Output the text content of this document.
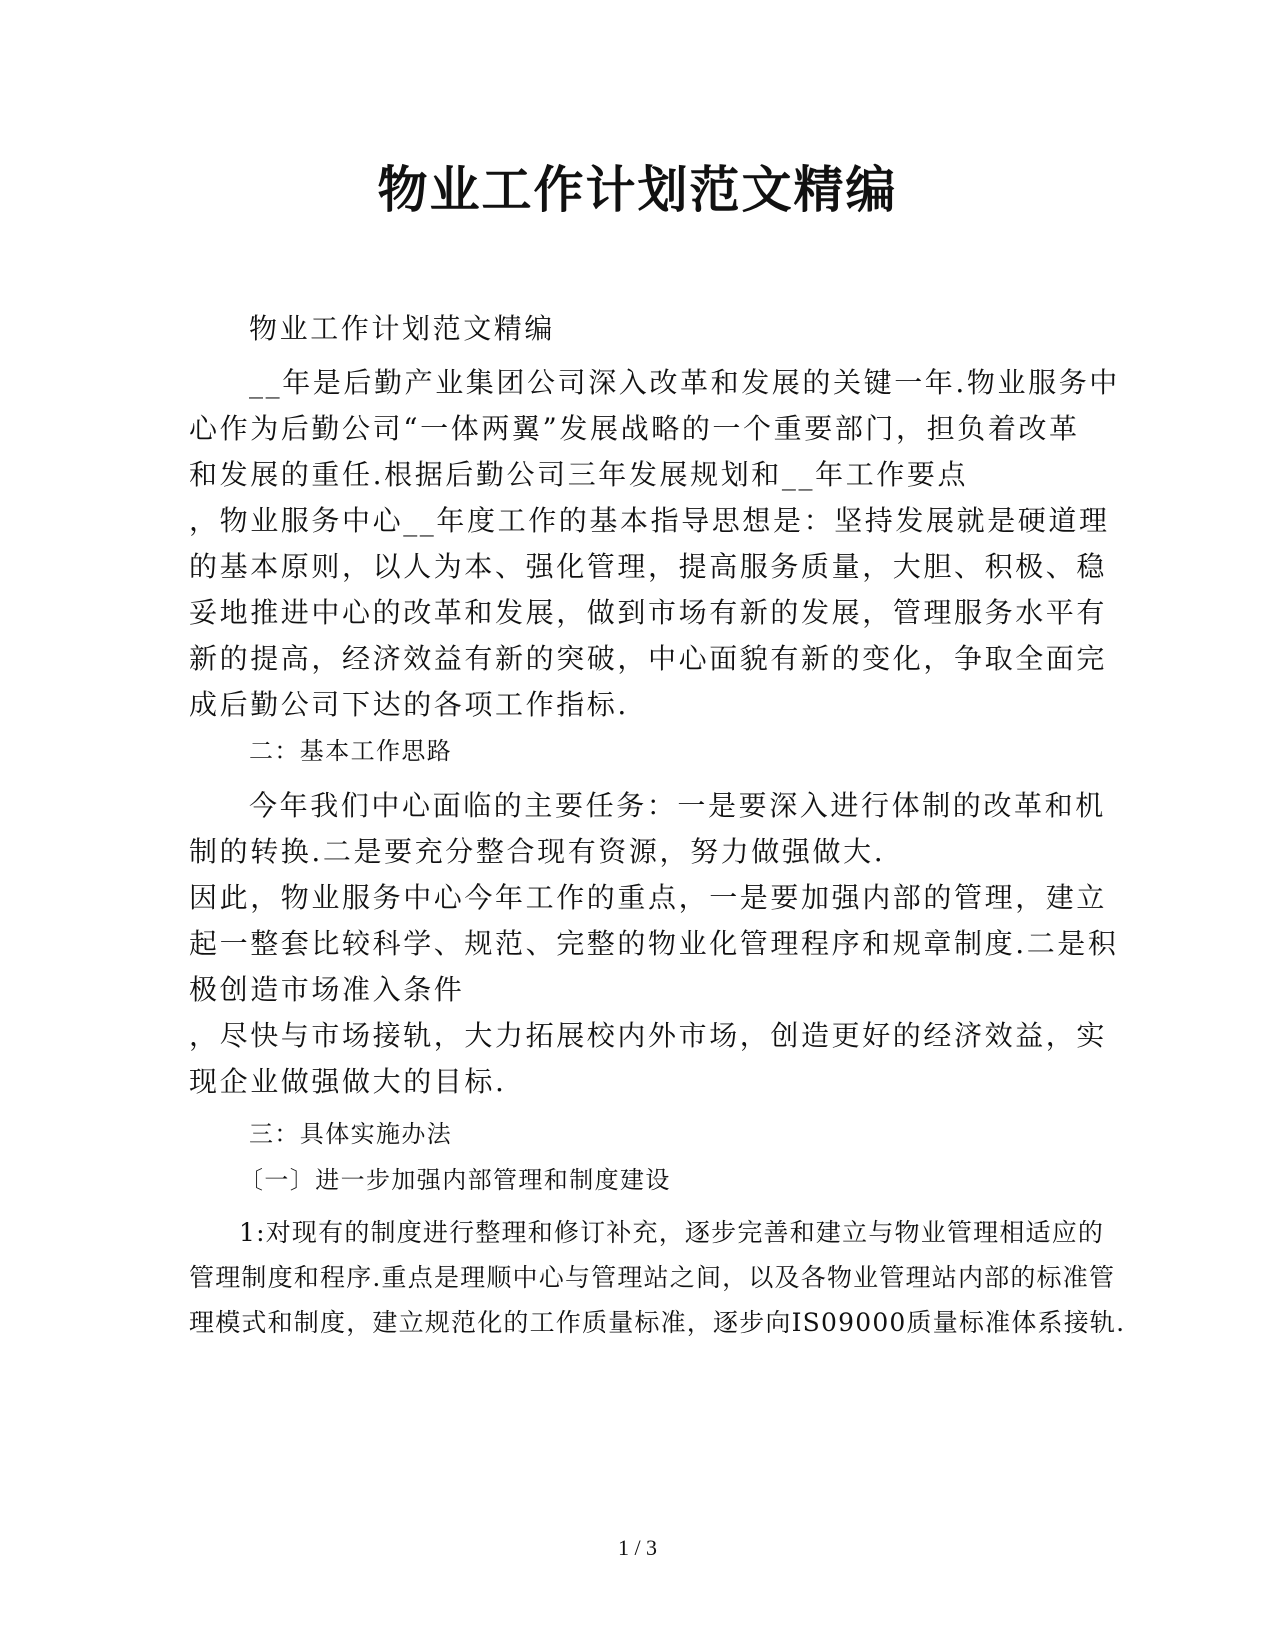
物业工作计划范文精编
物业工作计划范文精编
__年是后勤产业集团公司深入改革和发展的关键一年.物业服务中
心作为后勤公司“一体两翼”发展战略的一个重要部门，担负着改革
和发展的重任.根据后勤公司三年发展规划和__年工作要点
，物业服务中心__年度工作的基本指导思想是：坚持发展就是硬道理
的基本原则，以人为本、强化管理，提高服务质量，大胆、积极、稳
妥地推进中心的改革和发展，做到市场有新的发展，管理服务水平有
新的提高，经济效益有新的突破，中心面貌有新的变化，争取全面完
成后勤公司下达的各项工作指标.
二：基本工作思路
今年我们中心面临的主要任务：一是要深入进行体制的改革和机
制的转换.二是要充分整合现有资源，努力做强做大.
因此，物业服务中心今年工作的重点，一是要加强内部的管理，建立
起一整套比较科学、规范、完整的物业化管理程序和规章制度.二是积
极创造市场准入条件
，尽快与市场接轨，大力拓展校内外市场，创造更好的经济效益，实
现企业做强做大的目标.
三：具体实施办法
〔一〕进一步加强内部管理和制度建设
1:对现有的制度进行整理和修订补充，逐步完善和建立与物业管理相适应的
管理制度和程序.重点是理顺中心与管理站之间，以及各物业管理站内部的标准管
理模式和制度，建立规范化的工作质量标准，逐步向IS09000质量标准体系接轨.
1 / 3
